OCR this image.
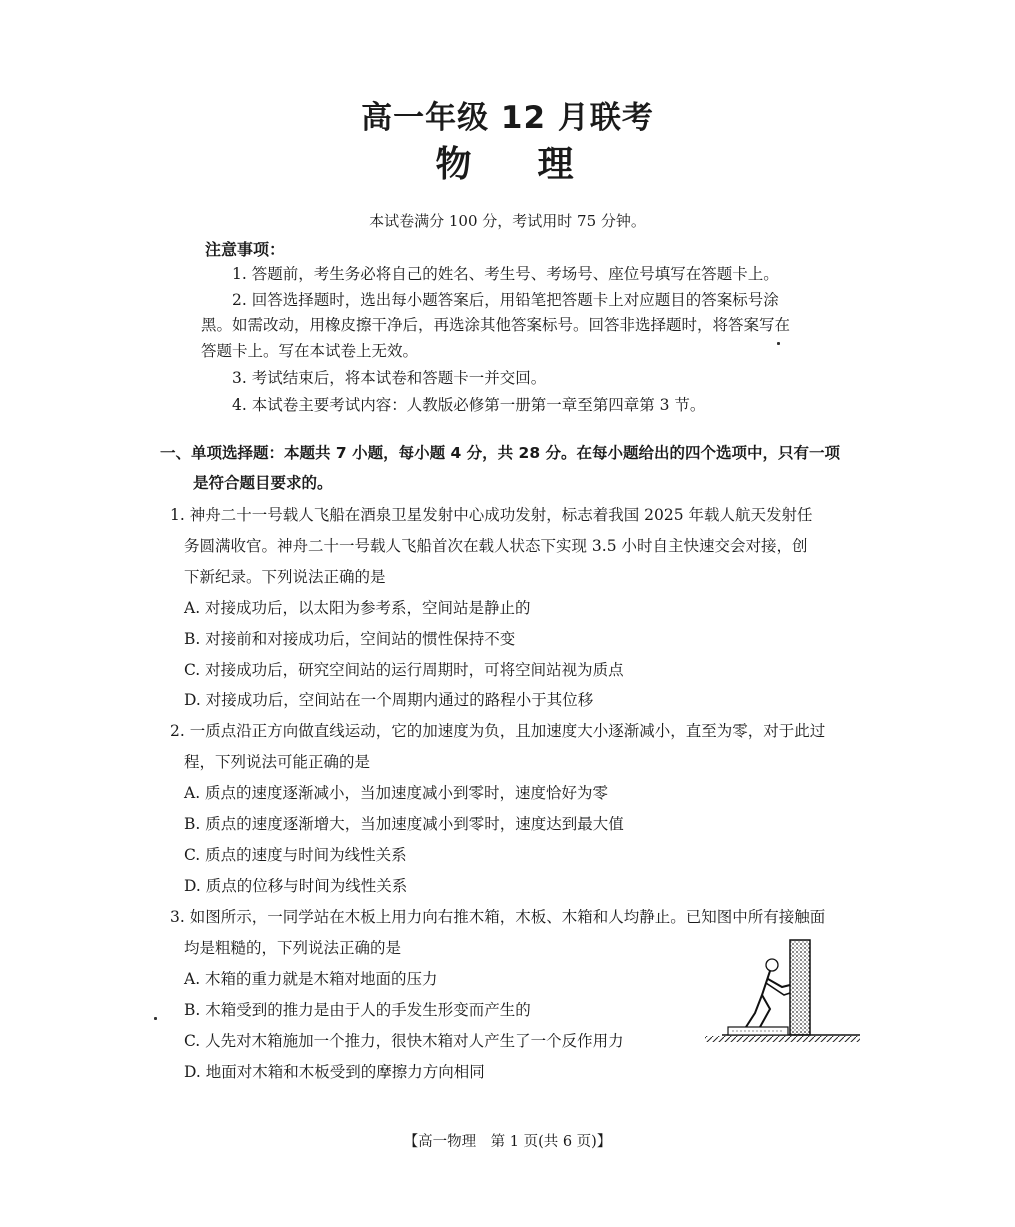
高一年级 12 月联考
物理
本试卷满分 100 分，考试用时 75 分钟。
注意事项：
1. 答题前，考生务必将自己的姓名、考生号、考场号、座位号填写在答题卡上。
2. 回答选择题时，选出每小题答案后，用铅笔把答题卡上对应题目的答案标号涂
黑。如需改动，用橡皮擦干净后，再选涂其他答案标号。回答非选择题时，将答案写在
答题卡上。写在本试卷上无效。
3. 考试结束后，将本试卷和答题卡一并交回。
4. 本试卷主要考试内容：人教版必修第一册第一章至第四章第 3 节。
一、单项选择题：本题共 7 小题，每小题 4 分，共 28 分。在每小题给出的四个选项中，只有一项
是符合题目要求的。
1. 神舟二十一号载人飞船在酒泉卫星发射中心成功发射，标志着我国 2025 年载人航天发射任
务圆满收官。神舟二十一号载人飞船首次在载人状态下实现 3.5 小时自主快速交会对接，创
下新纪录。下列说法正确的是
A. 对接成功后，以太阳为参考系，空间站是静止的
B. 对接前和对接成功后，空间站的惯性保持不变
C. 对接成功后，研究空间站的运行周期时，可将空间站视为质点
D. 对接成功后，空间站在一个周期内通过的路程小于其位移
2. 一质点沿正方向做直线运动，它的加速度为负，且加速度大小逐渐减小，直至为零，对于此过
程，下列说法可能正确的是
A. 质点的速度逐渐减小，当加速度减小到零时，速度恰好为零
B. 质点的速度逐渐增大，当加速度减小到零时，速度达到最大值
C. 质点的速度与时间为线性关系
D. 质点的位移与时间为线性关系
3. 如图所示，一同学站在木板上用力向右推木箱，木板、木箱和人均静止。已知图中所有接触面
均是粗糙的，下列说法正确的是
A. 木箱的重力就是木箱对地面的压力
B. 木箱受到的推力是由于人的手发生形变而产生的
C. 人先对木箱施加一个推力，很快木箱对人产生了一个反作用力
D. 地面对木箱和木板受到的摩擦力方向相同
【高一物理　第 1 页(共 6 页)】
